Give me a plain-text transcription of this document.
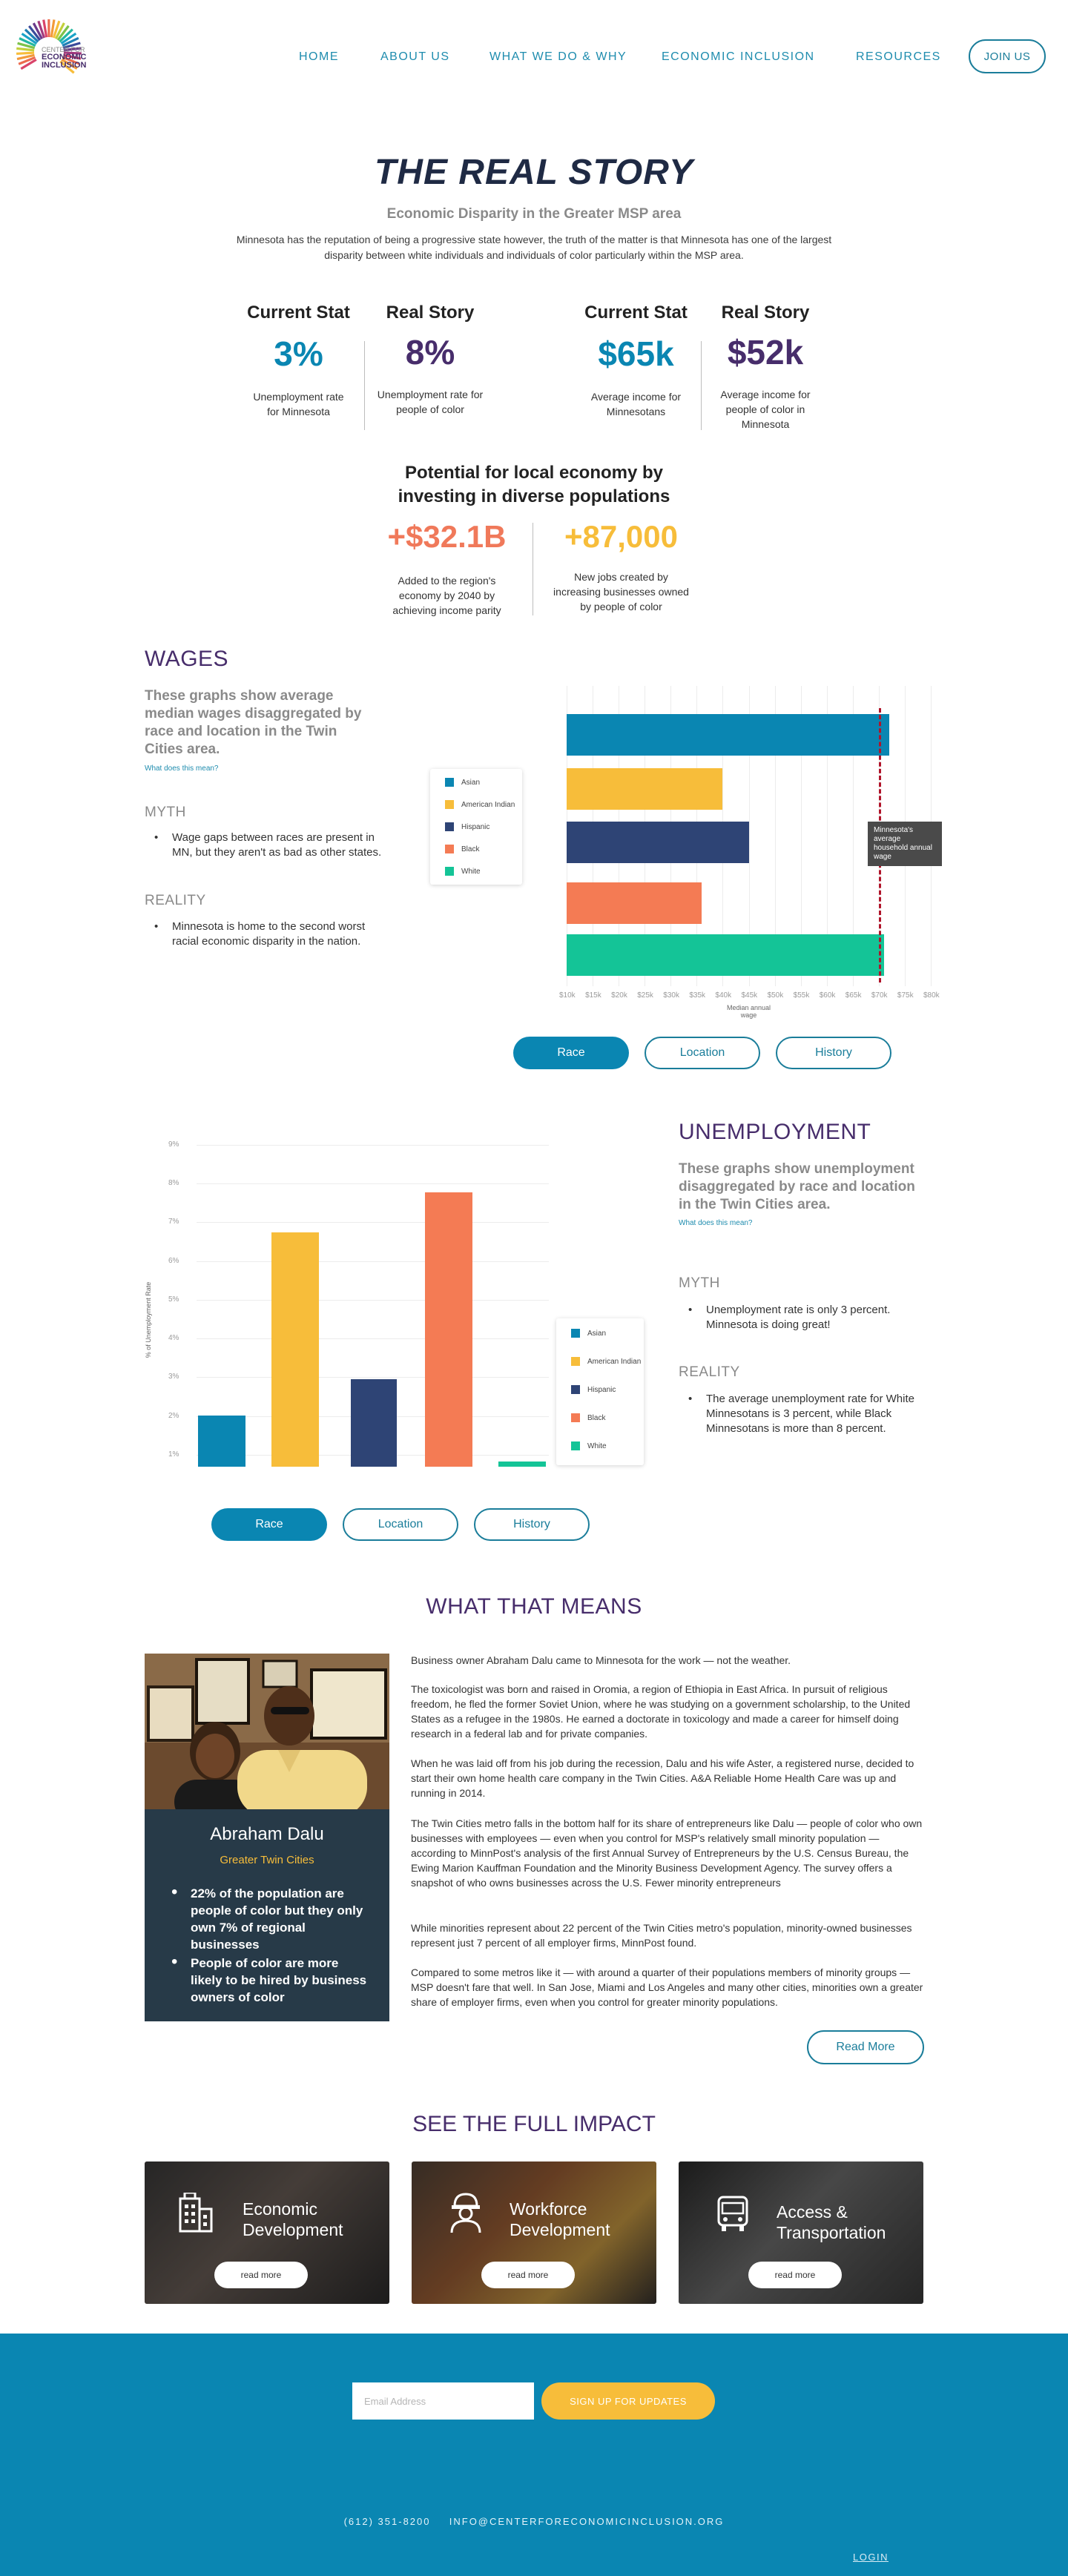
CENTER FOR
ECONOMIC
INCLUSION
HOME	ABOUT US	WHAT WE DO & WHY	ECONOMIC INCLUSION	RESOURCES	JOIN US
THE REAL STORY
Economic Disparity in the Greater MSP area
Minnesota has the reputation of being a progressive state however, the truth of the matter is that Minnesota has one of the largest disparity between white individuals and individuals of color particularly within the MSP area.
Current Stat	Real Story
3%	8%
Unemployment rate for Minnesota
Unemployment rate for people of color
Current Stat	Real Story
$65k	$52k
Average income for Minnesotans
Average income for people of color in Minnesota
Potential for local economy by investing in diverse populations
+$32.1B	+87,000
Added to the region's economy by 2040 by achieving income parity
New jobs created by increasing businesses owned by people of color
WAGES
These graphs show average median wages disaggregated by race and location in the Twin Cities area.
What does this mean?
MYTH
• Wage gaps between races are present in MN, but they aren't as bad as other states.
REALITY
• Minnesota is home to the second worst racial economic disparity in the nation.
Asian
American Indian
Hispanic
Black
White
$10k $15k $20k $25k $30k $35k $40k $45k $50k $55k $60k $65k $70k $75k $80k
Median annual wage
Minnesota's average household annual wage
Race	Location	History
1%
2%
3%
4%
5%
6%
7%
8%
9%
% of Unemployment Rate	Asian
American Indian
Hispanic
Black
White
UNEMPLOYMENT
These graphs show unemployment disaggregated by race and location in the Twin Cities area.
What does this mean?
MYTH
• Unemployment rate is only 3 percent. Minnesota is doing great!
REALITY
• The average unemployment rate for White Minnesotans is 3 percent, while Black Minnesotans is more than 8 percent.
Race	Location	History
WHAT THAT MEANS
Abraham Dalu
Greater Twin Cities
22% of the population are people of color but they only own 7% of regional businesses
•
People of color are more likely to be hired by business owners of color
•
Business owner Abraham Dalu came to Minnesota for the work — not the weather.
The toxicologist was born and raised in Oromia, a region of Ethiopia in East Africa. In pursuit of religious freedom, he fled the former Soviet Union, where he was studying on a government scholarship, to the United States as a refugee in the 1980s. He earned a doctorate in toxicology and made a career for himself doing research in a federal lab and for private companies.
When he was laid off from his job during the recession, Dalu and his wife Aster, a registered nurse, decided to start their own home health care company in the Twin Cities. A&A Reliable Home Health Care was up and running in 2014.
The Twin Cities metro falls in the bottom half for its share of entrepreneurs like Dalu — people of color who own businesses with employees — even when you control for MSP's relatively small minority population — according to MinnPost's analysis of the first Annual Survey of Entrepreneurs by the U.S. Census Bureau, the Ewing Marion Kauffman Foundation and the Minority Business Development Agency. The survey offers a snapshot of who owns businesses across the U.S. Fewer minority entrepreneurs
While minorities represent about 22 percent of the Twin Cities metro's population, minority-owned businesses represent just 7 percent of all employer firms, MinnPost found.
Compared to some metros like it — with around a quarter of their populations members of minority groups — MSP doesn't fare that well. In San Jose, Miami and Los Angeles and many other cities, minorities own a greater share of employer firms, even when you control for greater minority populations.
Read More
SEE THE FULL IMPACT
Economic
Development
read more
Workforce
Development
read more
Access &
Transportation
read more
Email Address
SIGN UP FOR UPDATES
(612) 351-8200 INFO@CENTERFORECONOMICINCLUSION.ORG
LOGIN
